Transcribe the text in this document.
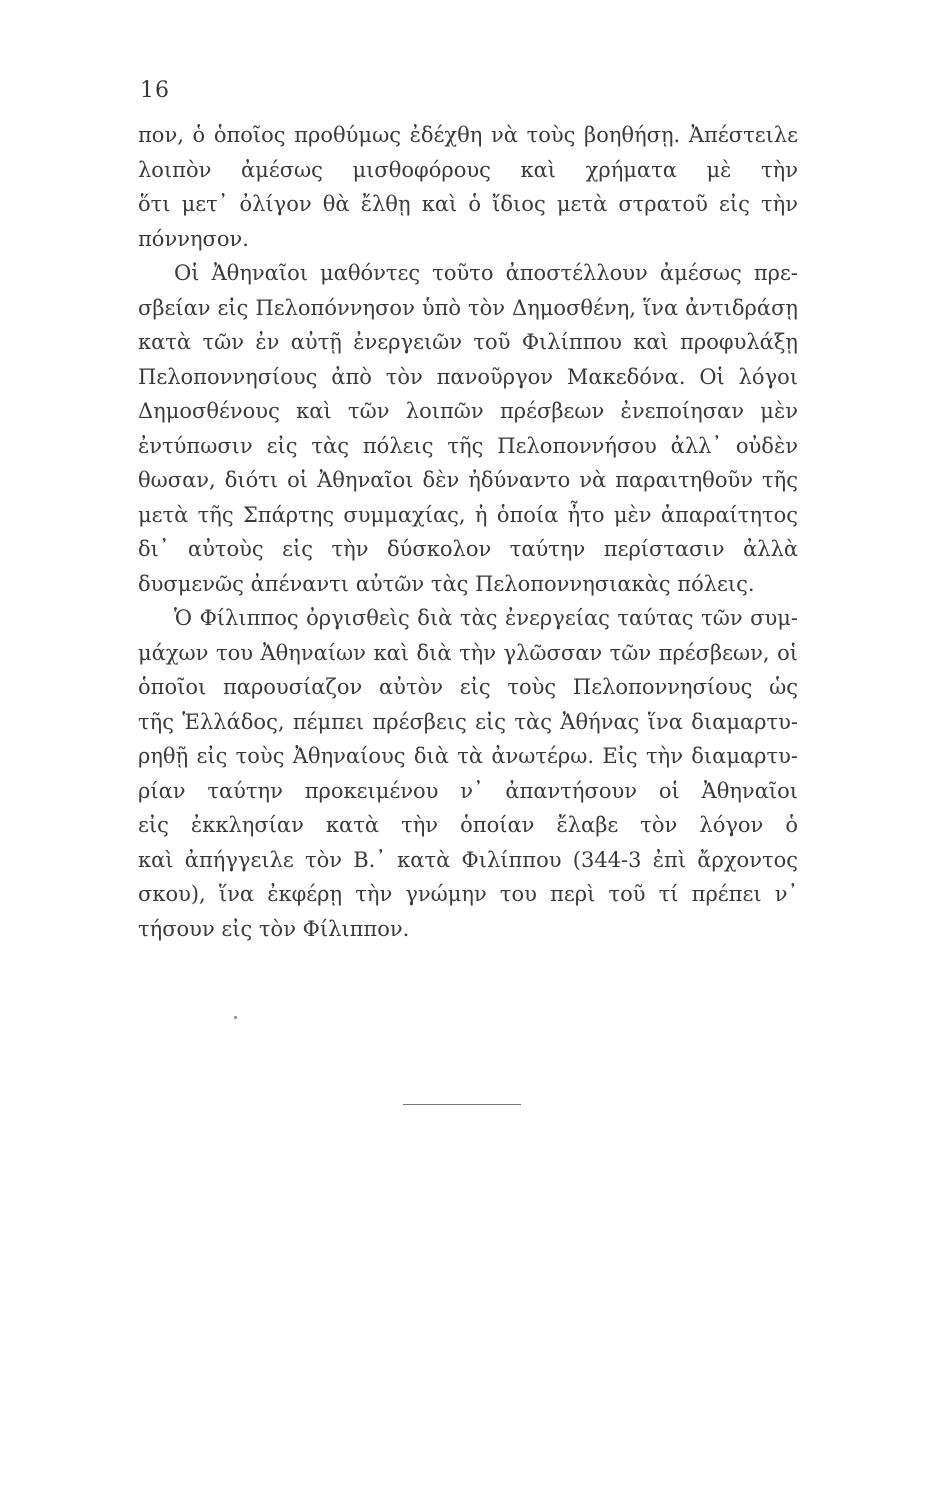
16
πον, ὁ ὁποῖος προθύμως ἐδέχθη νὰ τοὺς βοηθήσῃ. Ἀπέστειλε
λοιπὸν ἀμέσως μισθοφόρους καὶ χρήματα μὲ τὴν
ὅτι μετ᾽ ὀλίγον θὰ ἔλθῃ καὶ ὁ ἴδιος μετὰ στρατοῦ εἰς τὴν
πόννησον.
Οἱ Ἀθηναῖοι μαθόντες τοῦτο ἀποστέλλουν ἀμέσως πρε-
σβείαν εἰς Πελοπόννησον ὑπὸ τὸν Δημοσθένη, ἵνα ἀντιδράσῃ
κατὰ τῶν ἐν αὐτῇ ἐνεργειῶν τοῦ Φιλίππου καὶ προφυλάξῃ
Πελοποννησίους ἀπὸ τὸν πανοῦργον Μακεδόνα. Οἱ λόγοι
Δημοσθένους καὶ τῶν λοιπῶν πρέσβεων ἐνεποίησαν μὲν
ἐντύπωσιν εἰς τὰς πόλεις τῆς Πελοποννήσου ἀλλ᾽ οὐδὲν
θωσαν, διότι οἱ Ἀθηναῖοι δὲν ἠδύναντο νὰ παραιτηθοῦν τῆς
μετὰ τῆς Σπάρτης συμμαχίας, ἡ ὁποία ἦτο μὲν ἀπαραίτητος
δι᾽ αὐτοὺς εἰς τὴν δύσκολον ταύτην περίστασιν ἀλλὰ
δυσμενῶς ἀπέναντι αὐτῶν τὰς Πελοποννησιακὰς πόλεις.
Ὁ Φίλιππος ὀργισθεὶς διὰ τὰς ἐνεργείας ταύτας τῶν συμ-
μάχων του Ἀθηναίων καὶ διὰ τὴν γλῶσσαν τῶν πρέσβεων, οἱ
ὁποῖοι παρουσίαζον αὐτὸν εἰς τοὺς Πελοποννησίους ὡς
τῆς Ἑλλάδος, πέμπει πρέσβεις εἰς τὰς Ἀθήνας ἵνα διαμαρτυ-
ρηθῇ εἰς τοὺς Ἀθηναίους διὰ τὰ ἀνωτέρω. Εἰς τὴν διαμαρτυ-
ρίαν ταύτην προκειμένου ν᾽ ἀπαντήσουν οἱ Ἀθηναῖοι
εἰς ἐκκλησίαν κατὰ τὴν ὁποίαν ἔλαβε τὸν λόγον ὁ
καὶ ἀπήγγειλε τὸν Β.᾽ κατὰ Φιλίππου (344-3 ἐπὶ ἄρχοντος
σκου), ἵνα ἐκφέρῃ τὴν γνώμην του περὶ τοῦ τί πρέπει ν᾽
τήσουν εἰς τὸν Φίλιππον.
